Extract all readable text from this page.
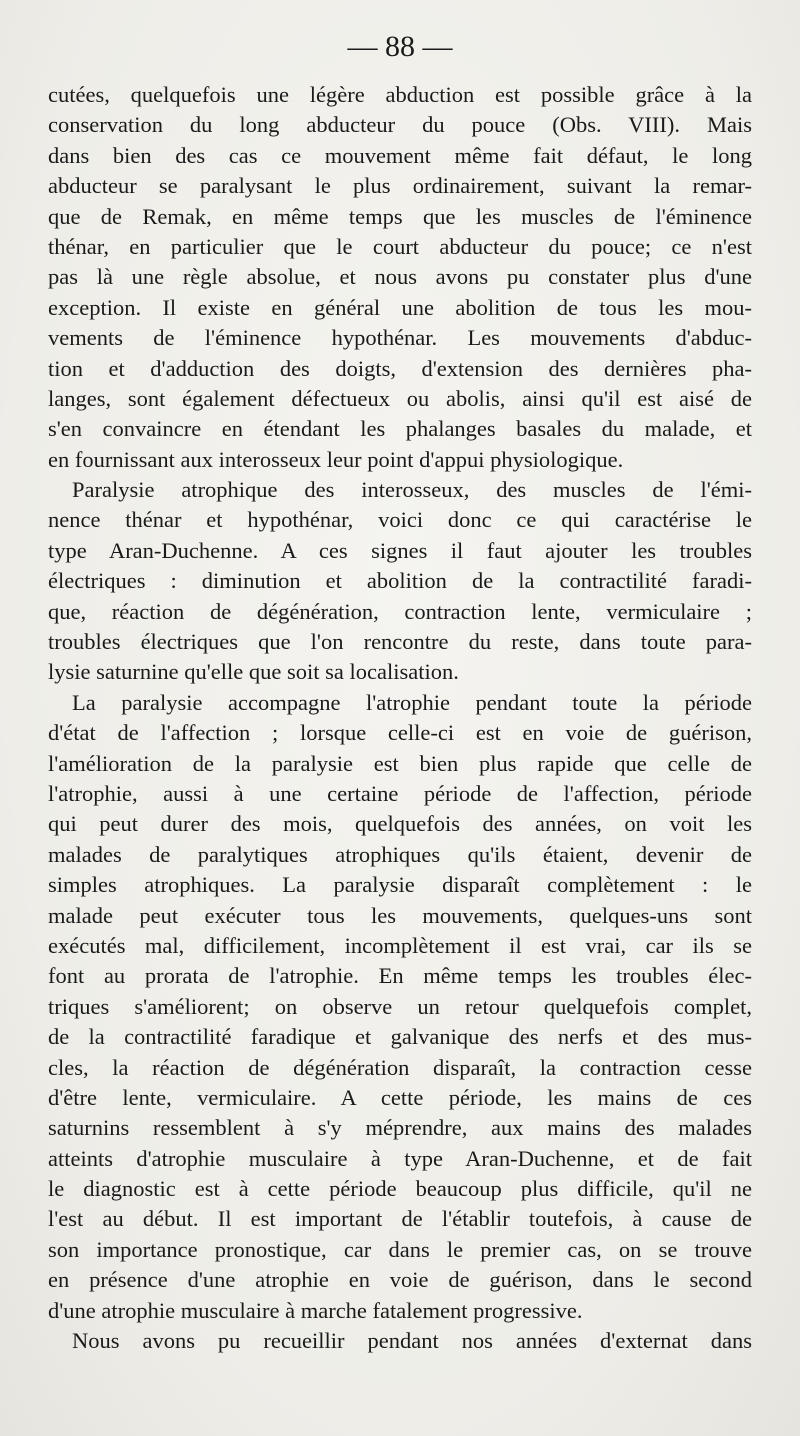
— 88 —
cutées, quelquefois une légère abduction est possible grâce à la
conservation du long abducteur du pouce (Obs. VIII). Mais
dans bien des cas ce mouvement même fait défaut, le long
abducteur se paralysant le plus ordinairement, suivant la remar-
que de Remak, en même temps que les muscles de l'éminence
thénar, en particulier que le court abducteur du pouce; ce n'est
pas là une règle absolue, et nous avons pu constater plus d'une
exception. Il existe en général une abolition de tous les mou-
vements de l'éminence hypothénar. Les mouvements d'abduc-
tion et d'adduction des doigts, d'extension des dernières pha-
langes, sont également défectueux ou abolis, ainsi qu'il est aisé de
s'en convaincre en étendant les phalanges basales du malade, et
en fournissant aux interosseux leur point d'appui physiologique.
Paralysie atrophique des interosseux, des muscles de l'émi-
nence thénar et hypothénar, voici donc ce qui caractérise le
type Aran-Duchenne. A ces signes il faut ajouter les troubles
électriques : diminution et abolition de la contractilité faradi-
que, réaction de dégénération, contraction lente, vermiculaire ;
troubles électriques que l'on rencontre du reste, dans toute para-
lysie saturnine qu'elle que soit sa localisation.
La paralysie accompagne l'atrophie pendant toute la période
d'état de l'affection ; lorsque celle-ci est en voie de guérison,
l'amélioration de la paralysie est bien plus rapide que celle de
l'atrophie, aussi à une certaine période de l'affection, période
qui peut durer des mois, quelquefois des années, on voit les
malades de paralytiques atrophiques qu'ils étaient, devenir de
simples atrophiques. La paralysie disparaît complètement : le
malade peut exécuter tous les mouvements, quelques-uns sont
exécutés mal, difficilement, incomplètement il est vrai, car ils se
font au prorata de l'atrophie. En même temps les troubles élec-
triques s'améliorent; on observe un retour quelquefois complet,
de la contractilité faradique et galvanique des nerfs et des mus-
cles, la réaction de dégénération disparaît, la contraction cesse
d'être lente, vermiculaire. A cette période, les mains de ces
saturnins ressemblent à s'y méprendre, aux mains des malades
atteints d'atrophie musculaire à type Aran-Duchenne, et de fait
le diagnostic est à cette période beaucoup plus difficile, qu'il ne
l'est au début. Il est important de l'établir toutefois, à cause de
son importance pronostique, car dans le premier cas, on se trouve
en présence d'une atrophie en voie de guérison, dans le second
d'une atrophie musculaire à marche fatalement progressive.
Nous avons pu recueillir pendant nos années d'externat dans
